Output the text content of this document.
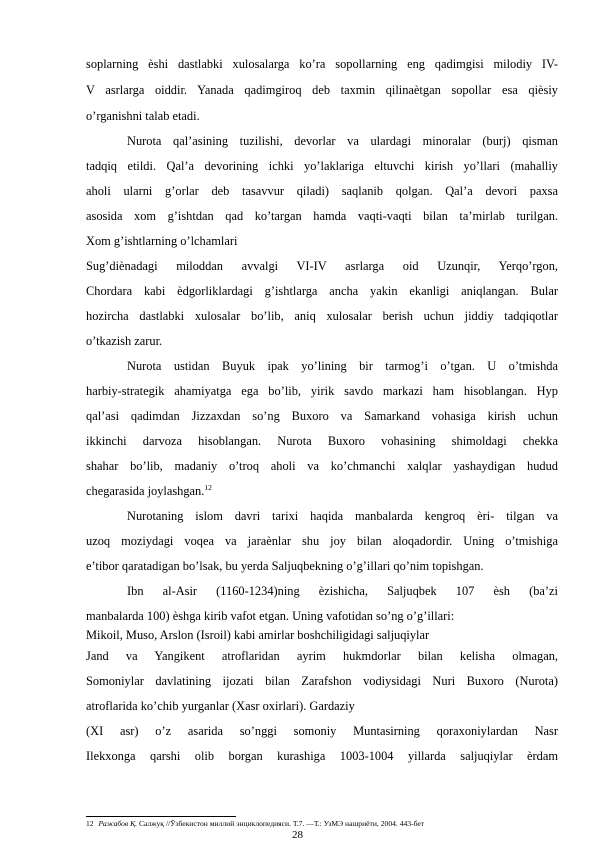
soplarning èshi dastlabki xulosalarga ko’ra sopollarning eng qadimgisi milodiy IV-
V asrlarga oiddir. Yanada qadimgiroq deb taxmin qilinaètgan sopollar esa qièsiy
o’rganishni talab etadi.
Nurota qal’asining tuzilishi, devorlar va ulardagi minoralar (burj) qisman
tadqiq etildi. Qal’a devorining ichki yo’laklariga eltuvchi kirish yo’llari (mahalliy
aholi ularni g’orlar deb tasavvur qiladi) saqlanib qolgan. Qal’a devori paxsa
asosida xom g’ishtdan qad ko’targan hamda vaqti-vaqti bilan ta’mirlab turilgan.
Xom g’ishtlarning o’lchamlari
Sug’diènadagi miloddan avvalgi VI-IV asrlarga oid Uzunqir, Yerqo’rgon,
Chordara kabi èdgorliklardagi g’ishtlarga ancha yakin ekanligi aniqlangan. Bular
hozircha dastlabki xulosalar bo’lib, aniq xulosalar berish uchun jiddiy tadqiqotlar
o’tkazish zarur.
Nurota ustidan Buyuk ipak yo’lining bir tarmog’i o’tgan. U o’tmishda
harbiy-strategik ahamiyatga ega bo’lib, yirik savdo markazi ham hisoblangan. Hyp
qal’asi qadimdan Jizzaxdan so’ng Buxoro va Samarkand vohasiga kirish uchun
ikkinchi darvoza hisoblangan. Nurota Buxoro vohasining shimoldagi chekka
shahar bo’lib, madaniy o’troq aholi va ko’chmanchi xalqlar yashaydigan hudud
chegarasida joylashgan.$^{12}$
Nurotaning islom davri tarixi haqida manbalarda kengroq èri- tilgan va
uzoq moziydagi voqea va jaraènlar shu joy bilan aloqadordir. Uning o’tmishiga
e’tibor qaratadigan bo’lsak, bu yerda Saljuqbekning o’g’illari qo’nim topishgan.
Ibn al-Asir (1160-1234)ning èzishicha, Saljuqbek 107 èsh (ba’zi
manbalarda 100) èshga kirib vafot etgan. Uning vafotidan so’ng o’g’illari:
Mikoil, Muso, Arslon (Isroil) kabi amirlar boshchiligidagi saljuqiylar
Jand va Yangikent atroflaridan ayrim hukmdorlar bilan kelisha olmagan,
Somoniylar davlatining ijozati bilan Zarafshon vodiysidagi Nuri Buxoro (Nurota)
atroflarida ko’chib yurganlar (Xasr oxirlari). Gardaziy
(XI asr) o’z asarida so’nggi somoniy Muntasirning qoraxoniylardan Nasr
Ilekxonga qarshi olib borgan kurashiga 1003-1004 yillarda saljuqiylar èrdam
12 Ражабов Қ. Салжуқ //Ўзбекистон миллий энциклопедияси. Т.7. —Т.: УзМЭ нашриёти, 2004. 443-бет
28
